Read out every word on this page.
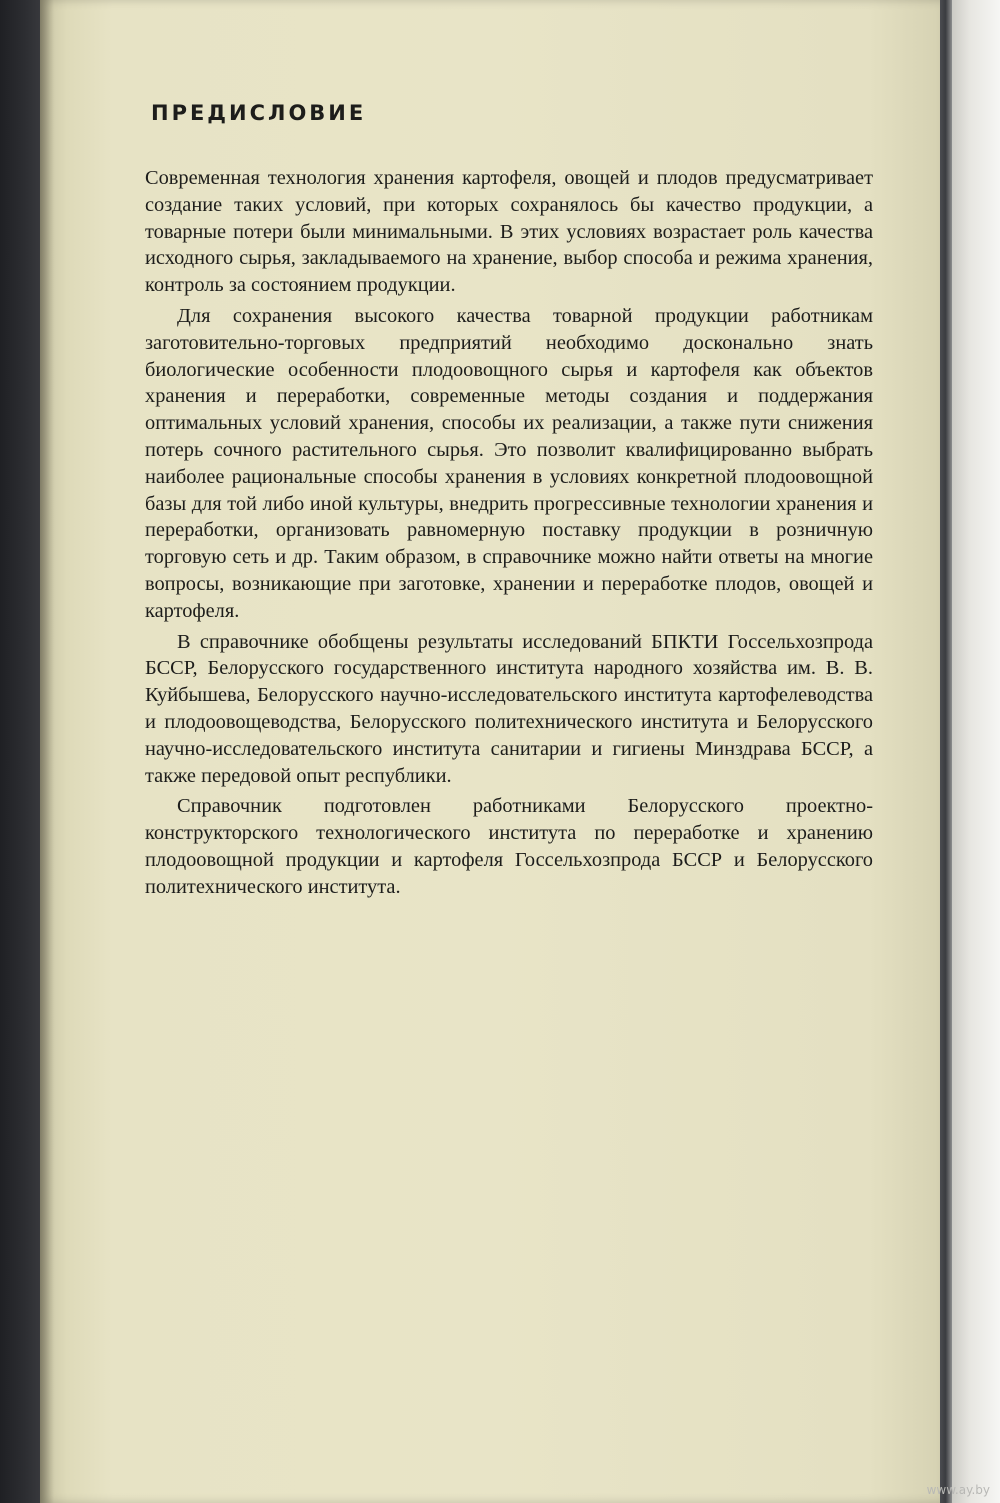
ПРЕДИСЛОВИЕ

Современная технология хранения картофеля, овощей и плодов предусматривает создание таких условий, при которых сохранялось бы качество продукции, а товарные потери были минимальными. В этих условиях возрастает роль качества исходного сырья, закладываемого на хранение, выбор способа и режима хранения, контроль за состоянием продукции.

Для сохранения высокого качества товарной продукции работникам заготовительно-торговых предприятий необходимо досконально знать биологические особенности плодоовощного сырья и картофеля как объектов хранения и переработки, современные методы создания и поддержания оптимальных условий хранения, способы их реализации, а также пути снижения потерь сочного растительного сырья. Это позволит квалифицированно выбрать наиболее рациональные способы хранения в условиях конкретной плодоовощной базы для той либо иной культуры, внедрить прогрессивные технологии хранения и переработки, организовать равномерную поставку продукции в розничную торговую сеть и др. Таким образом, в справочнике можно найти ответы на многие вопросы, возникающие при заготовке, хранении и переработке плодов, овощей и картофеля.

В справочнике обобщены результаты исследований БПКТИ Госсельхозпрода БССР, Белорусского государственного института народного хозяйства им. В. В. Куйбышева, Белорусского научно-исследовательского института картофелеводства и плодоовощеводства, Белорусского политехнического института и Белорусского научно-исследовательского института санитарии и гигиены Минздрава БССР, а также передовой опыт республики.

Справочник подготовлен работниками Белорусского проектно-конструкторского технологического института по переработке и хранению плодоовощной продукции и картофеля Госсельхозпрода БССР и Белорусского политехнического института.

www.ay.by
